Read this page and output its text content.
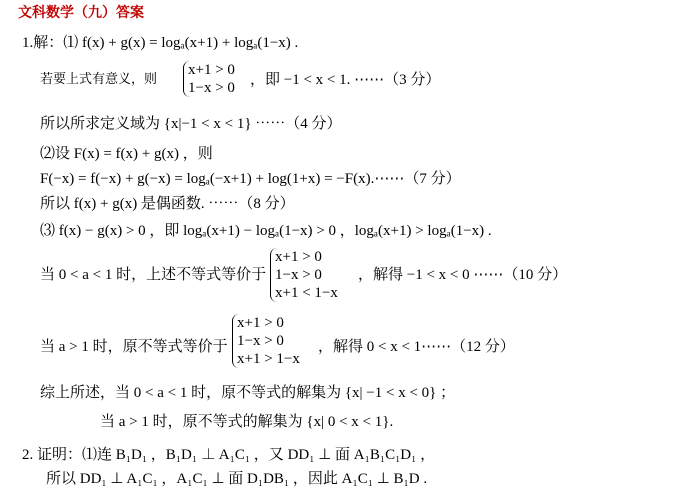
文科数学（九）答案
1.解：⑴ f(x) + g(x) = logₐ(x+1) + logₐ(1−x) .
若要上式有意义，则
x+1 > 0
1−x > 0 ，即 −1 < x < 1. ⋯⋯（3 分）
所以所求定义域为 {x|−1 < x < 1} ⋯⋯（4 分）
⑵设 F(x) = f(x) + g(x) ，则
F(−x) = f(−x) + g(−x) = logₐ(−x+1) + log(1+x) = −F(x).⋯⋯（7 分）
所以 f(x) + g(x) 是偶函数. ⋯⋯（8 分）
⑶ f(x) − g(x) > 0 ，即 logₐ(x+1) − logₐ(1−x) > 0 ，logₐ(x+1) > logₐ(1−x) .
当 0 < a < 1 时，上述不等式等价于
x+1 > 0
1−x > 0
x+1 < 1−x
，解得 −1 < x < 0 ⋯⋯（10 分）
当 a > 1 时，原不等式等价于
x+1 > 0
1−x > 0
x+1 > 1−x
，解得 0 < x < 1⋯⋯（12 分）
综上所述，当 0 < a < 1 时，原不等式的解集为 {x| −1 < x < 0} ；
当 a > 1 时，原不等式的解集为 {x| 0 < x < 1}.
2. 证明：⑴连 B₁D₁ ，B₁D₁ ⊥ A₁C₁ ，又 DD₁ ⊥ 面 A₁B₁C₁D₁ ，
所以 DD₁ ⊥ A₁C₁ ，A₁C₁ ⊥ 面 D₁DB₁ ，因此 A₁C₁ ⊥ B₁D .
